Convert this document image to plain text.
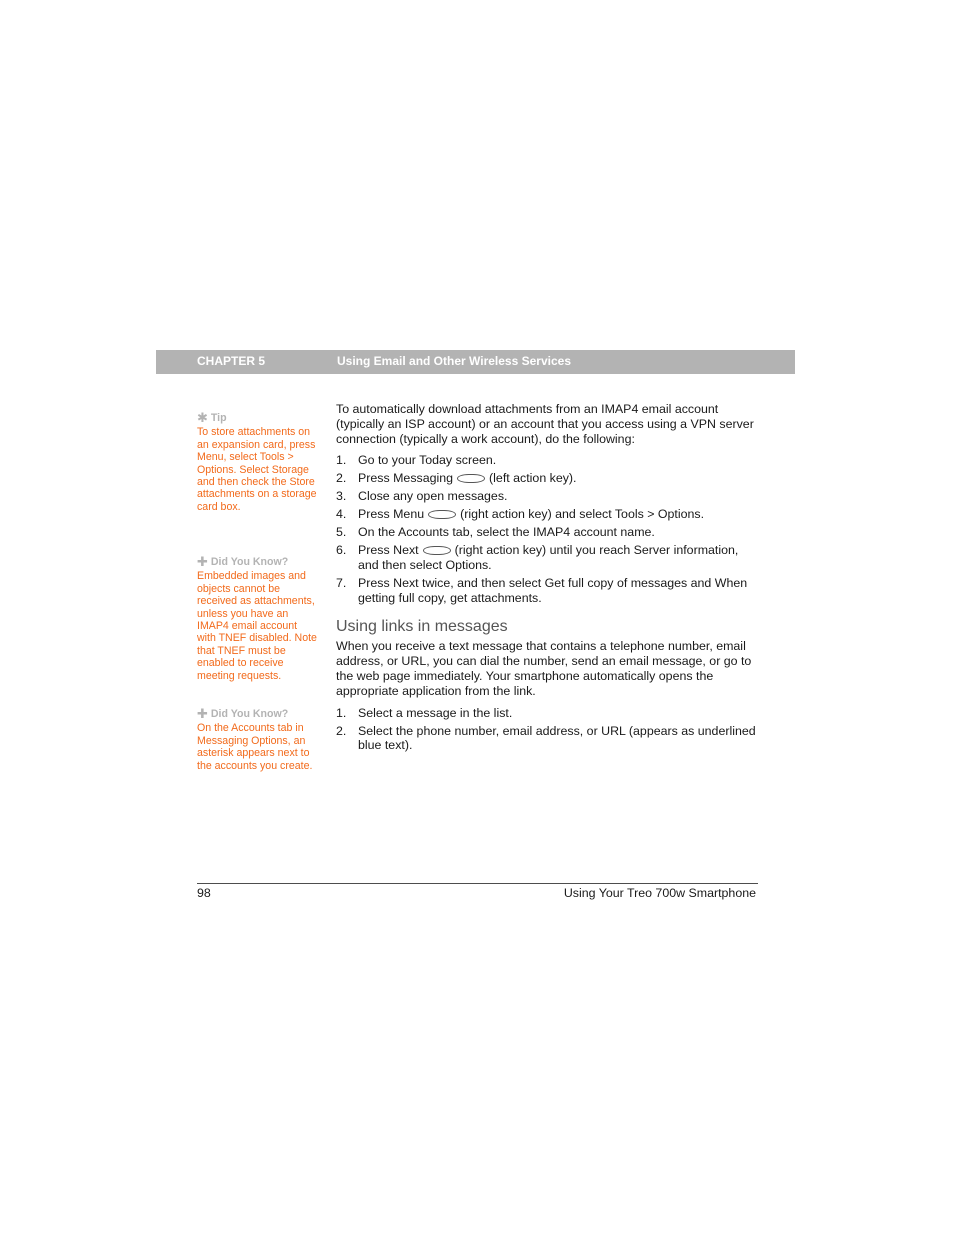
CHAPTER 5	Using Email and Other Wireless Services
✱ Tip

To store attachments on an expansion card, press Menu, select Tools > Options. Select Storage and then check the Store attachments on a storage card box.

✚ Did You Know?

Embedded images and objects cannot be received as attachments, unless you have an IMAP4 email account with TNEF disabled. Note that TNEF must be enabled to receive meeting requests.

✚ Did You Know?

On the Accounts tab in Messaging Options, an asterisk appears next to the accounts you create.

To automatically download attachments from an IMAP4 email account (typically an ISP account) or an account that you access using a VPN server connection (typically a work account), do the following:

1. Go to your Today screen.
2. Press Messaging	(left action key).
3. Close any open messages.
4. Press Menu	(right action key) and select Tools > Options.
5. On the Accounts tab, select the IMAP4 account name.
6. Press Next	(right action key) until you reach Server information, and then select Options.
7. Press Next twice, and then select Get full copy of messages and When getting full copy, get attachments.
Using links in messages

When you receive a text message that contains a telephone number, email address, or URL, you can dial the number, send an email message, or go to the web page immediately. Your smartphone automatically opens the appropriate application from the link.

1. Select a message in the list.
2. Select the phone number, email address, or URL (appears as underlined blue text).
98	Using Your Treo 700w Smartphone
